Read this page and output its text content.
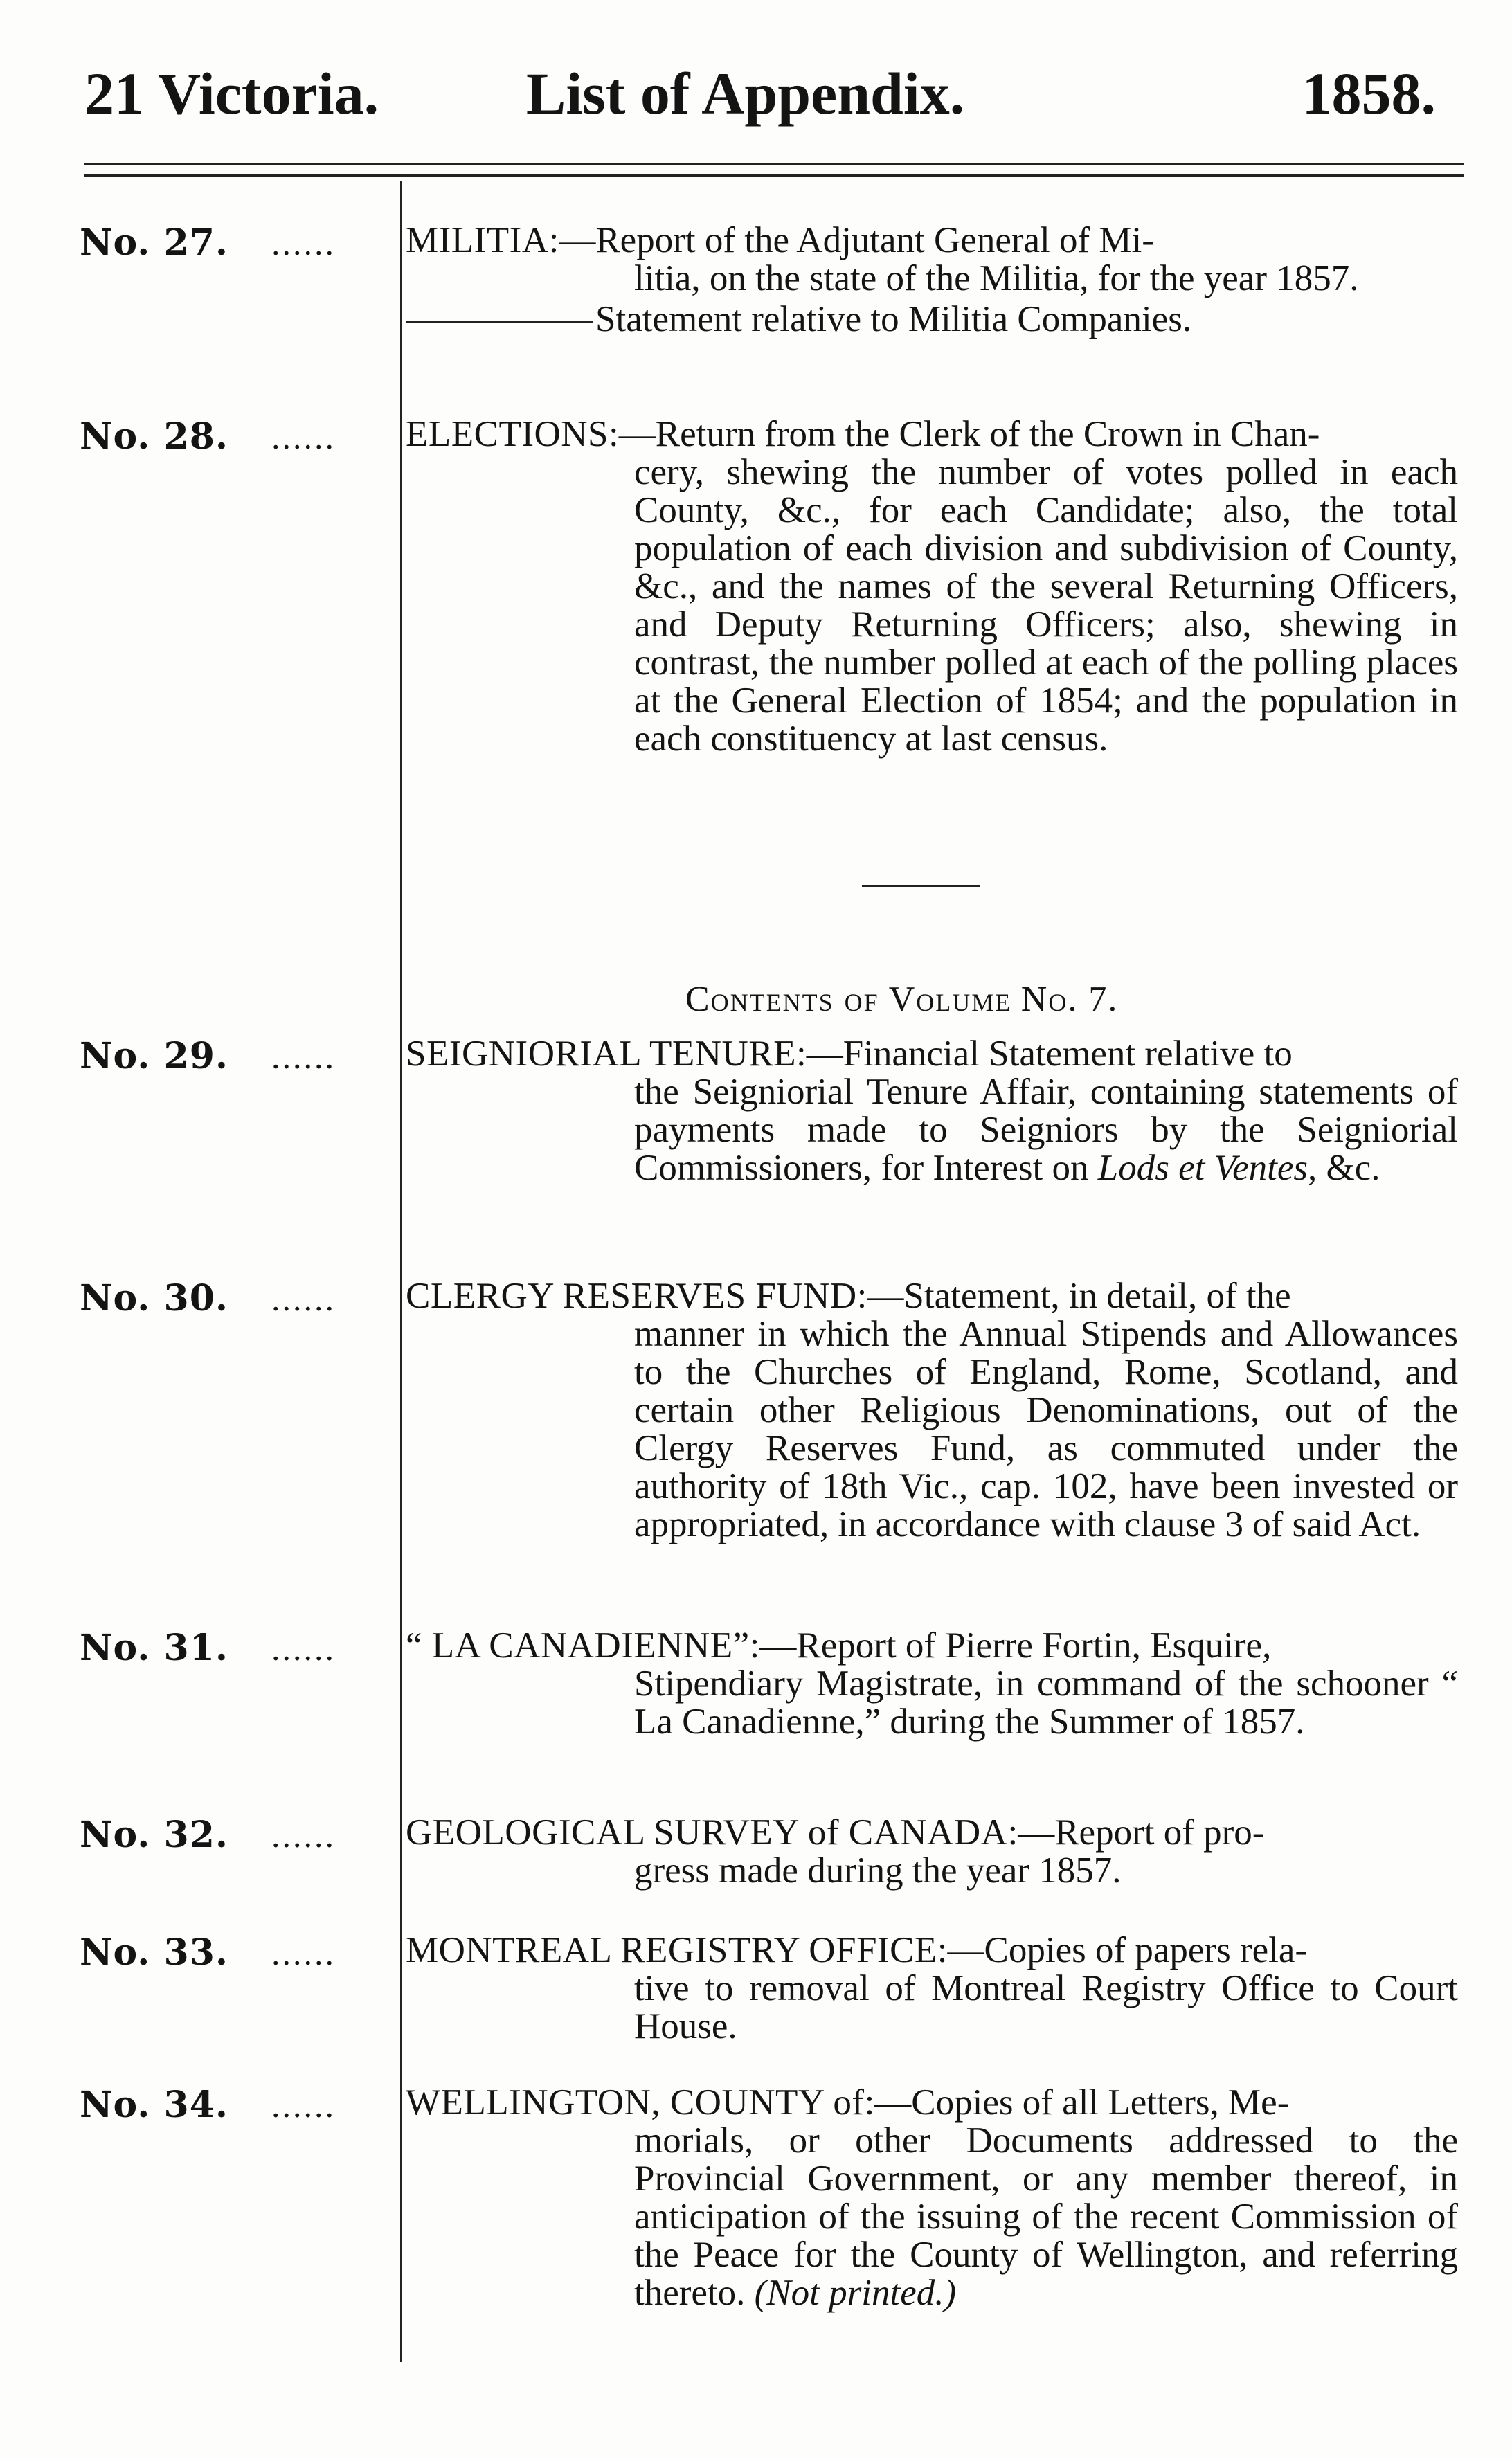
21 Victoria. List of Appendix.	1858.
No. 27. ...... MILITIA:—Report of the Adjutant General of Mi-
litia, on the state of the Militia, for the year 1857.
Statement relative to Militia Companies.
No. 28. ...... ELECTIONS:—Return from the Clerk of the Crown in Chan-
cery, shewing the number of votes polled in each County, &c., for each Candidate; also, the total population of each division and subdivision of County, &c., and the names of the several Returning Officers, and Deputy Returning Officers; also, shewing in contrast, the number polled at each of the polling places at the General Election of 1854; and the population in each constituency at last census.
Contents of Volume No. 7.
No. 29. ...... SEIGNIORIAL TENURE:—Financial Statement relative to
the Seigniorial Tenure Affair, containing statements of payments made to Seigniors by the Seigniorial Commissioners, for Interest on Lods et Ventes, &c.
No. 30. ...... CLERGY RESERVES FUND:—Statement, in detail, of the
manner in which the Annual Stipends and Allowances to the Churches of England, Rome, Scotland, and certain other Religious Denominations, out of the Clergy Reserves Fund, as commuted under the authority of 18th Vic., cap. 102, have been invested or appropriated, in accordance with clause 3 of said Act.
No. 31. ...... “ LA CANADIENNE”:—Report of Pierre Fortin, Esquire,
Stipendiary Magistrate, in command of the schooner “ La Canadienne,” during the Summer of 1857.
No. 32. ...... GEOLOGICAL SURVEY of CANADA:—Report of pro-
gress made during the year 1857.
No. 33. ...... MONTREAL REGISTRY OFFICE:—Copies of papers rela-
tive to removal of Montreal Registry Office to Court House.
No. 34. ...... WELLINGTON, COUNTY of:—Copies of all Letters, Me-
morials, or other Documents addressed to the Provincial Government, or any member thereof, in anticipation of the issuing of the recent Commission of the Peace for the County of Wellington, and referring thereto. (Not printed.)
